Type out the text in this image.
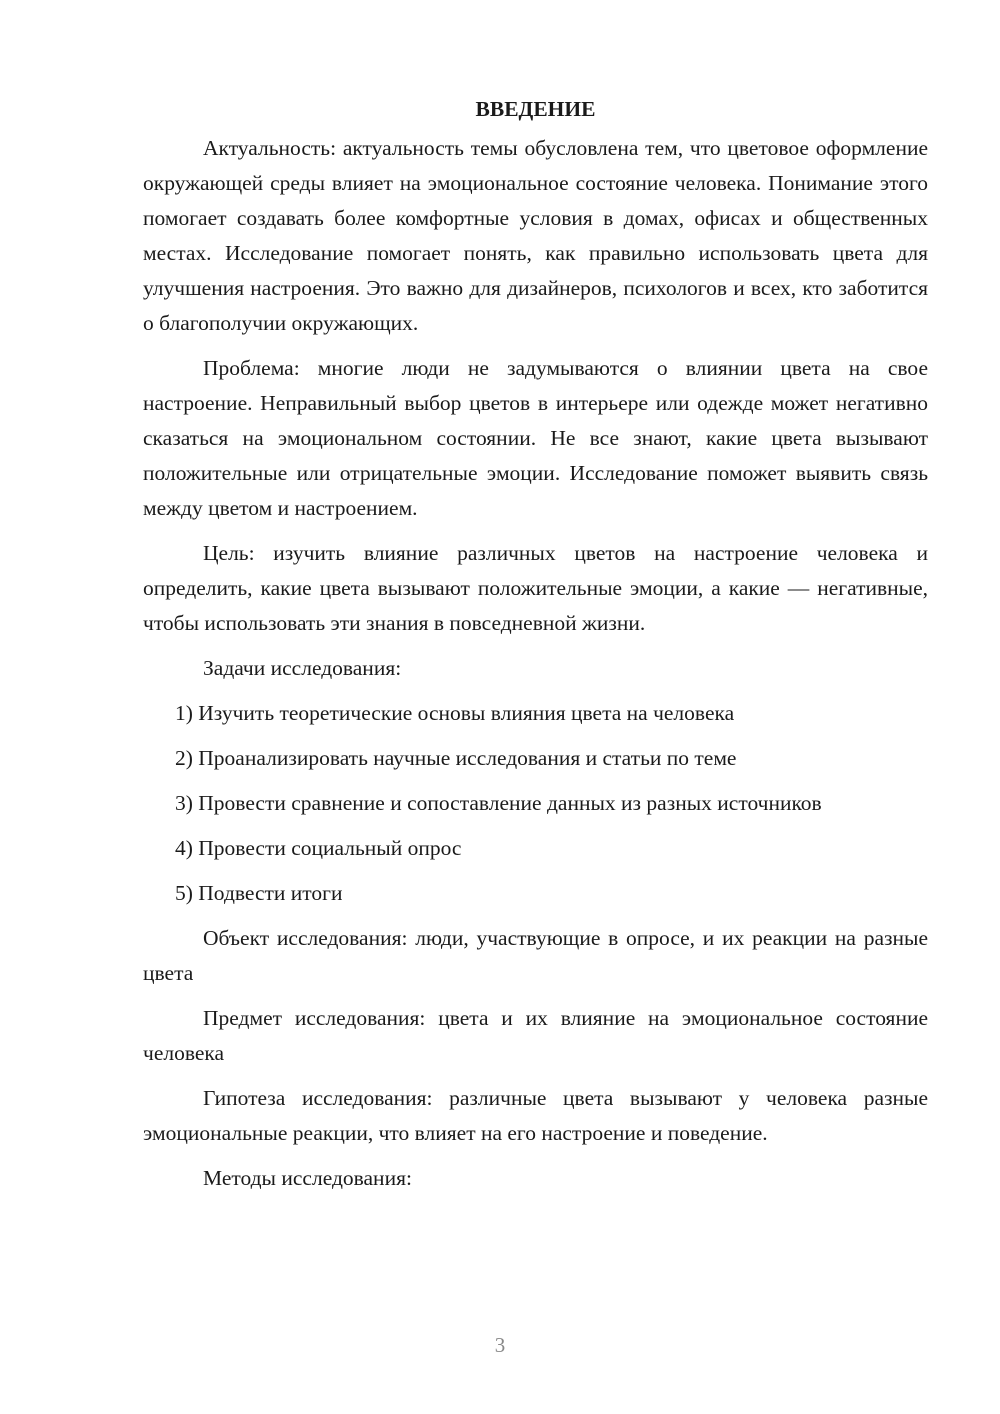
ВВЕДЕНИЕ

Актуальность: актуальность темы обусловлена тем, что цветовое оформление окружающей среды влияет на эмоциональное состояние человека. Понимание этого помогает создавать более комфортные условия в домах, офисах и общественных местах. Исследование помогает понять, как правильно использовать цвета для улучшения настроения. Это важно для дизайнеров, психологов и всех, кто заботится о благополучии окружающих.

Проблема: многие люди не задумываются о влиянии цвета на свое настроение. Неправильный выбор цветов в интерьере или одежде может негативно сказаться на эмоциональном состоянии. Не все знают, какие цвета вызывают положительные или отрицательные эмоции. Исследование поможет выявить связь между цветом и настроением.

Цель: изучить влияние различных цветов на настроение человека и определить, какие цвета вызывают положительные эмоции, а какие — негативные, чтобы использовать эти знания в повседневной жизни.

Задачи исследования:

1) Изучить теоретические основы влияния цвета на человека
2) Проанализировать научные исследования и статьи по теме
3) Провести сравнение и сопоставление данных из разных источников
4) Провести социальный опрос
5) Подвести итоги

Объект исследования: люди, участвующие в опросе, и их реакции на разные цвета

Предмет исследования: цвета и их влияние на эмоциональное состояние человека

Гипотеза исследования: различные цвета вызывают у человека разные эмоциональные реакции, что влияет на его настроение и поведение.

Методы исследования:

3
